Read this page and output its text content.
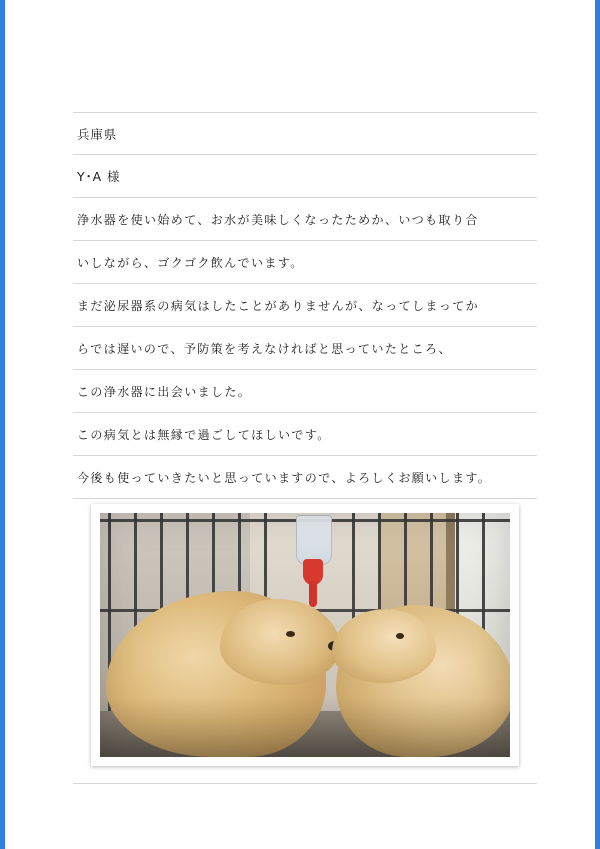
兵庫県
Y･A 様
浄水器を使い始めて、お水が美味しくなったためか、いつも取り合
いしながら、ゴクゴク飲んでいます。
まだ泌尿器系の病気はしたことがありませんが、なってしまってか
らでは遅いので、予防策を考えなければと思っていたところ、
この浄水器に出会いました。
この病気とは無縁で過ごしてほしいです。
今後も使っていきたいと思っていますので、よろしくお願いします。
